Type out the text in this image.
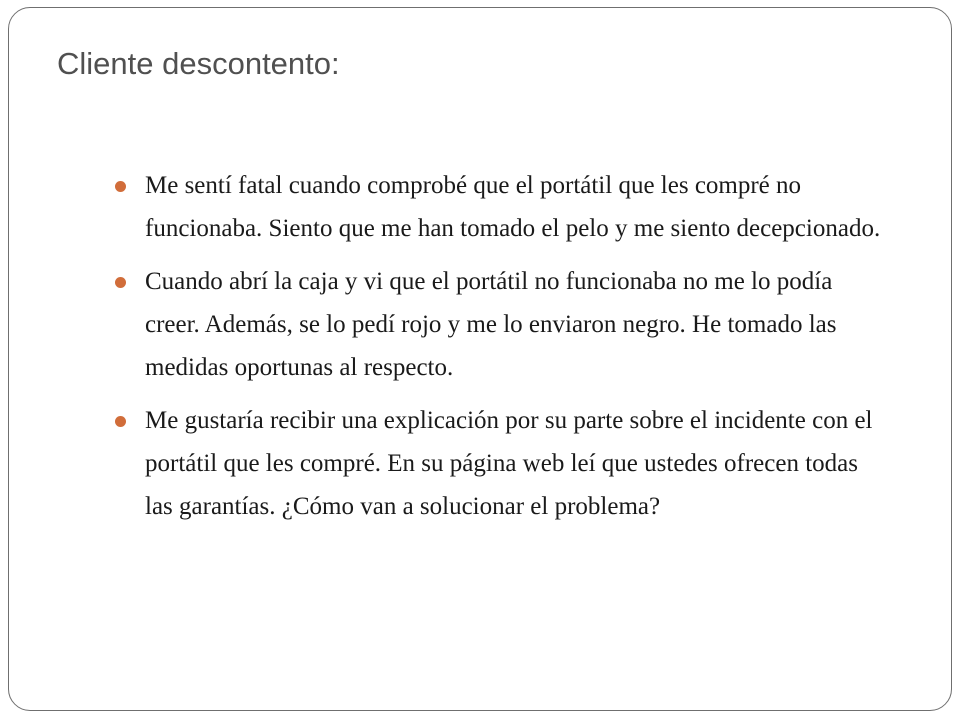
Cliente descontento:
Me sentí fatal cuando comprobé que el portátil que les compré no funcionaba. Siento que me han tomado el pelo y me siento decepcionado.
Cuando abrí la caja y vi que el portátil no funcionaba no me lo podía creer. Además, se lo pedí rojo y me lo enviaron negro. He tomado las medidas oportunas al respecto.
Me gustaría recibir una explicación por su parte sobre el incidente con el portátil que les compré. En su página web leí que ustedes ofrecen todas las garantías. ¿Cómo van a solucionar el problema?
